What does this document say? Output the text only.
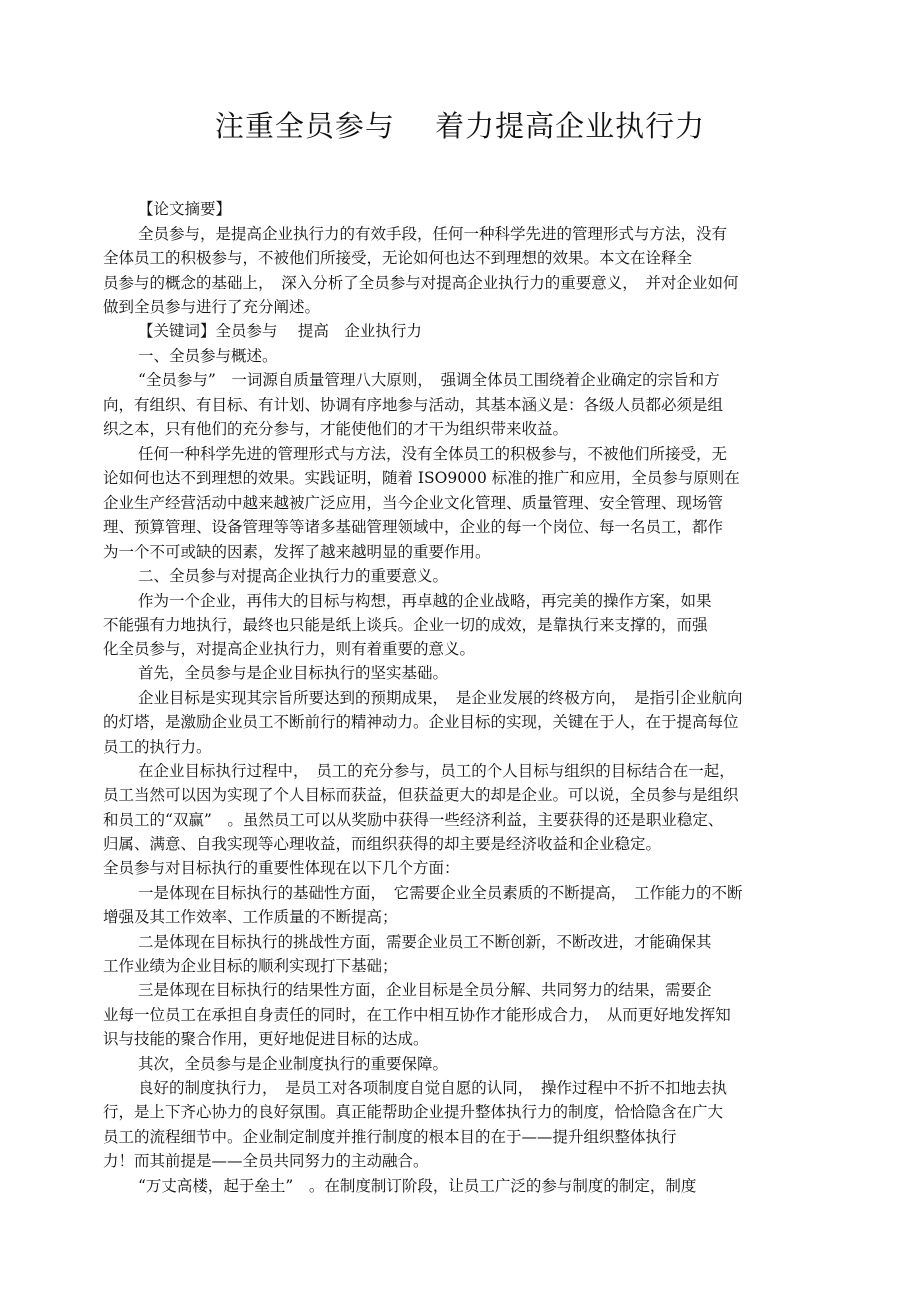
注重全员参与　 着力提高企业执行力
【论文摘要】
全员参与，是提高企业执行力的有效手段，任何一种科学先进的管理形式与方法，没有
全体员工的积极参与，不被他们所接受，无论如何也达不到理想的效果。本文在诠释全
员参与的概念的基础上，　深入分析了全员参与对提高企业执行力的重要意义，　并对企业如何
做到全员参与进行了充分阐述。
【关键词】全员参与　 提高　企业执行力
一、全员参与概述。
“全员参与”　一词源自质量管理八大原则，　强调全体员工围绕着企业确定的宗旨和方
向，有组织、有目标、有计划、协调有序地参与活动，其基本涵义是：各级人员都必须是组
织之本，只有他们的充分参与，才能使他们的才干为组织带来收益。
任何一种科学先进的管理形式与方法，没有全体员工的积极参与，不被他们所接受，无
论如何也达不到理想的效果。实践证明，随着 ISO9000 标准的推广和应用，全员参与原则在
企业生产经营活动中越来越被广泛应用，当今企业文化管理、质量管理、安全管理、现场管
理、预算管理、设备管理等等诸多基础管理领域中，企业的每一个岗位、每一名员工，都作
为一个不可或缺的因素，发挥了越来越明显的重要作用。
二、全员参与对提高企业执行力的重要意义。
作为一个企业，再伟大的目标与构想，再卓越的企业战略，再完美的操作方案，如果
不能强有力地执行，最终也只能是纸上谈兵。企业一切的成效，是靠执行来支撑的，而强
化全员参与，对提高企业执行力，则有着重要的意义。
首先，全员参与是企业目标执行的坚实基础。
企业目标是实现其宗旨所要达到的预期成果，　是企业发展的终极方向，　是指引企业航向
的灯塔，是激励企业员工不断前行的精神动力。企业目标的实现，关键在于人，在于提高每位
员工的执行力。
在企业目标执行过程中，　员工的充分参与，员工的个人目标与组织的目标结合在一起，
员工当然可以因为实现了个人目标而获益，但获益更大的却是企业。可以说，全员参与是组织
和员工的“双赢”　。虽然员工可以从奖励中获得一些经济利益，主要获得的还是职业稳定、
归属、满意、自我实现等心理收益，而组织获得的却主要是经济收益和企业稳定。
全员参与对目标执行的重要性体现在以下几个方面：
一是体现在目标执行的基础性方面，　它需要企业全员素质的不断提高，　工作能力的不断
增强及其工作效率、工作质量的不断提高；
二是体现在目标执行的挑战性方面，需要企业员工不断创新，不断改进，才能确保其
工作业绩为企业目标的顺利实现打下基础；
三是体现在目标执行的结果性方面，企业目标是全员分解、共同努力的结果，需要企
业每一位员工在承担自身责任的同时，在工作中相互协作才能形成合力，　从而更好地发挥知
识与技能的聚合作用，更好地促进目标的达成。
其次，全员参与是企业制度执行的重要保障。
良好的制度执行力，　是员工对各项制度自觉自愿的认同，　操作过程中不折不扣地去执
行，是上下齐心协力的良好氛围。真正能帮助企业提升整体执行力的制度，恰恰隐含在广大
员工的流程细节中。企业制定制度并推行制度的根本目的在于——提升组织整体执行
力！而其前提是——全员共同努力的主动融合。
“万丈高楼，起于垒土”　。在制度制订阶段，让员工广泛的参与制度的制定，制度
